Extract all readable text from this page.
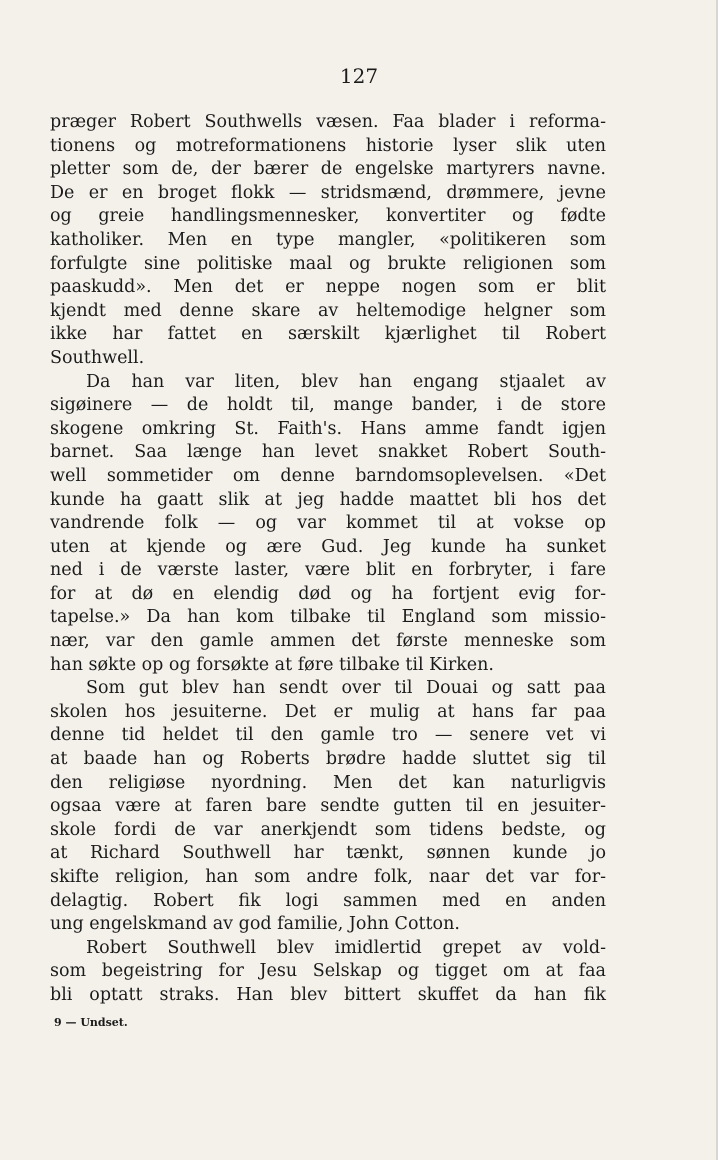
127
præger Robert Southwells væsen. Faa blader i reforma-
tionens og motreformationens historie lyser slik uten
pletter som de, der bærer de engelske martyrers navne.
De er en broget flokk — stridsmænd, drømmere, jevne
og greie handlingsmennesker, konvertiter og fødte
katholiker. Men en type mangler, «politikeren som
forfulgte sine politiske maal og brukte religionen som
paaskudd». Men det er neppe nogen som er blit
kjendt med denne skare av heltemodige helgner som
ikke har fattet en særskilt kjærlighet til Robert
Southwell.
Da han var liten, blev han engang stjaalet av
sigøinere — de holdt til, mange bander, i de store
skogene omkring St. Faith's. Hans amme fandt igjen
barnet. Saa længe han levet snakket Robert South-
well sommetider om denne barndomsoplevelsen. «Det
kunde ha gaatt slik at jeg hadde maattet bli hos det
vandrende folk — og var kommet til at vokse op
uten at kjende og ære Gud. Jeg kunde ha sunket
ned i de værste laster, være blit en forbryter, i fare
for at dø en elendig død og ha fortjent evig for-
tapelse.» Da han kom tilbake til England som missio-
nær, var den gamle ammen det første menneske som
han søkte op og forsøkte at føre tilbake til Kirken.
Som gut blev han sendt over til Douai og satt paa
skolen hos jesuiterne. Det er mulig at hans far paa
denne tid heldet til den gamle tro — senere vet vi
at baade han og Roberts brødre hadde sluttet sig til
den religiøse nyordning. Men det kan naturligvis
ogsaa være at faren bare sendte gutten til en jesuiter-
skole fordi de var anerkjendt som tidens bedste, og
at Richard Southwell har tænkt, sønnen kunde jo
skifte religion, han som andre folk, naar det var for-
delagtig. Robert fik logi sammen med en anden
ung engelskmand av god familie, John Cotton.
Robert Southwell blev imidlertid grepet av vold-
som begeistring for Jesu Selskap og tigget om at faa
bli optatt straks. Han blev bittert skuffet da han fik
9 — Undset.
